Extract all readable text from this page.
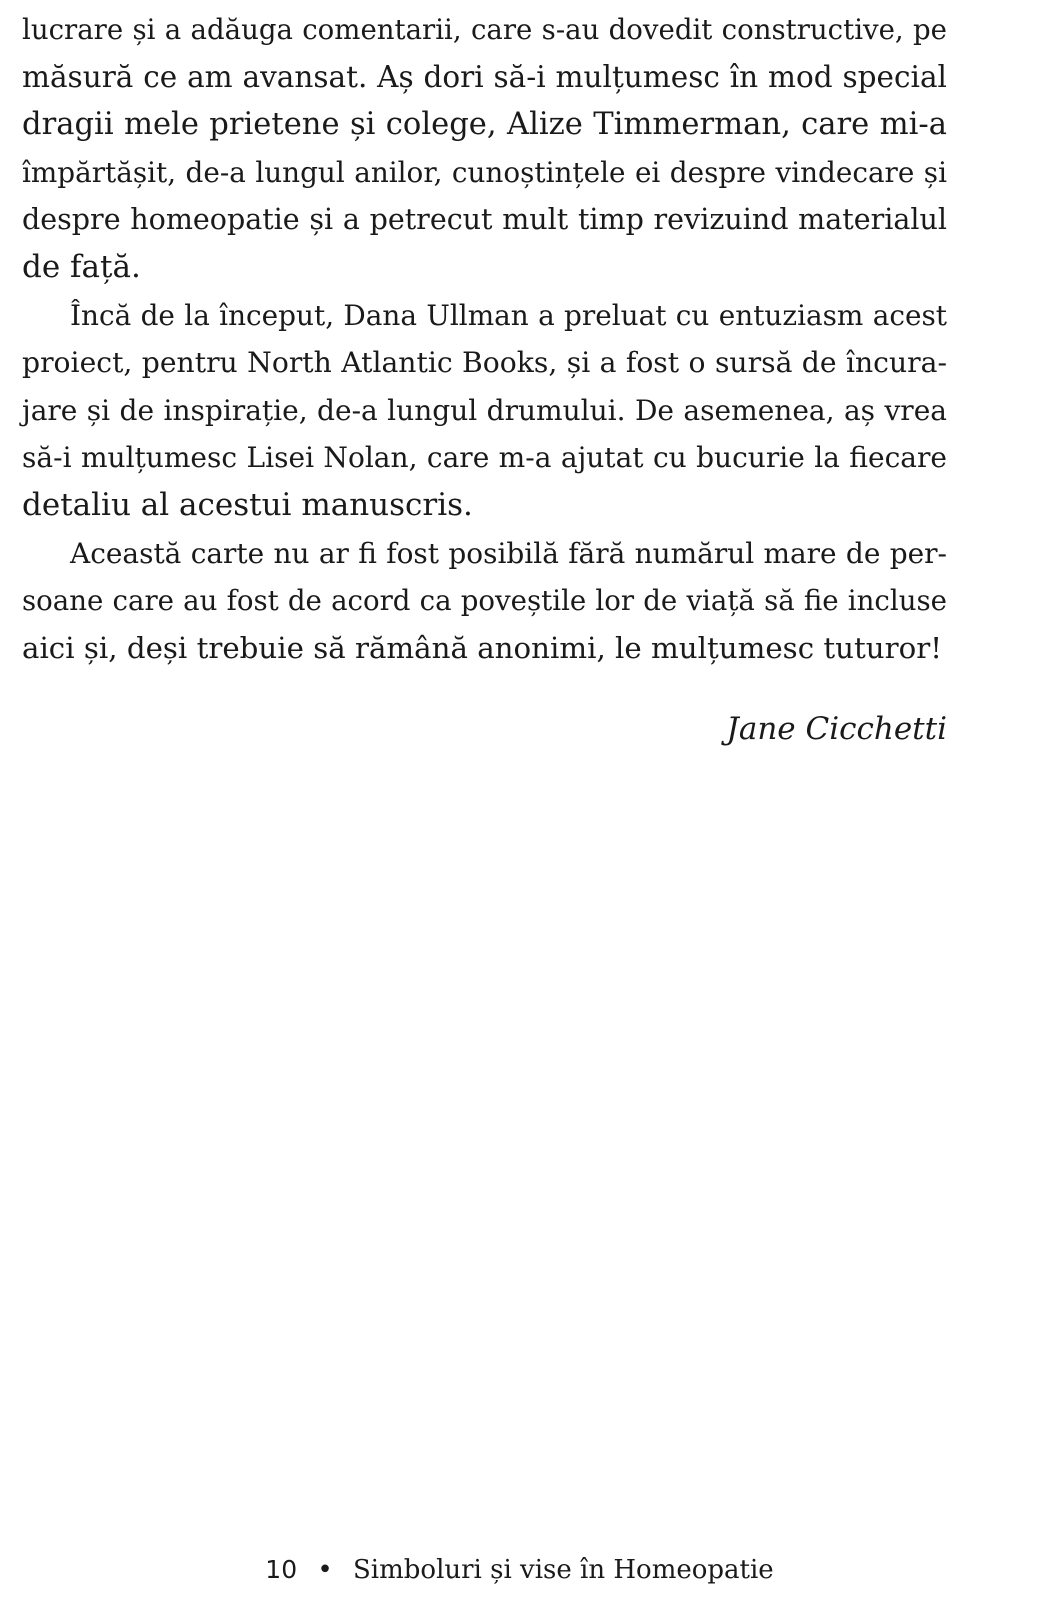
lucrare și a adăuga comentarii, care s-au dovedit constructive, pe
măsură ce am avansat. Aș dori să-i mulțumesc în mod special
dragii mele prietene și colege, Alize Timmerman, care mi-a
împărtășit, de-a lungul anilor, cunoștințele ei despre vindecare și
despre homeopatie și a petrecut mult timp revizuind materialul
de față.
Încă de la început, Dana Ullman a preluat cu entuziasm acest
proiect, pentru North Atlantic Books, și a fost o sursă de încura-
jare și de inspirație, de-a lungul drumului. De asemenea, aș vrea
să-i mulțumesc Lisei Nolan, care m-a ajutat cu bucurie la fiecare
detaliu al acestui manuscris.
Această carte nu ar fi fost posibilă fără numărul mare de per-
soane care au fost de acord ca poveștile lor de viață să fie incluse
aici și, deși trebuie să rămână anonimi, le mulțumesc tuturor!
Jane Cicchetti
10 • Simboluri și vise în Homeopatie
